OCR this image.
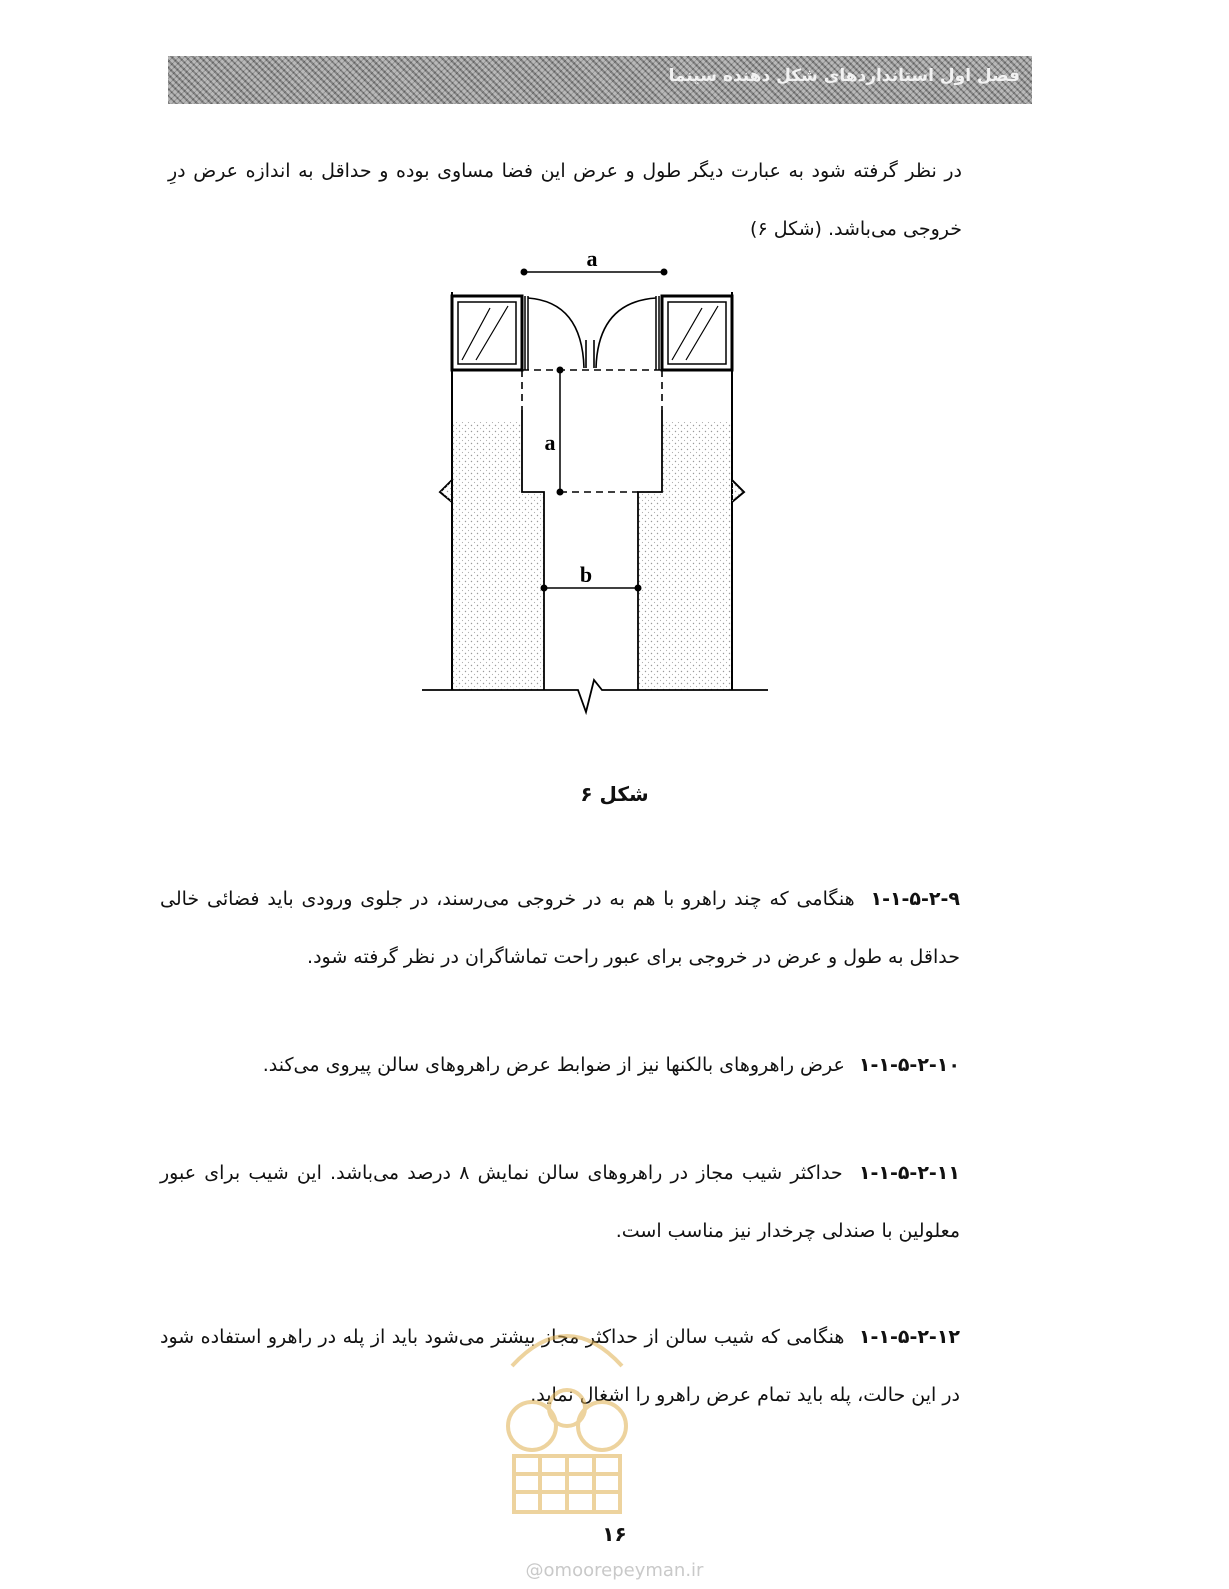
فصل اول استانداردهای شکل دهنده سینما
در نظر گرفته شود به عبارت دیگر طول و عرض این فضا مساوی بوده و حداقل به اندازه عرض درِ خروجی می‌باشد. (شکل ۶)
a
a
b
شکل ۶
۱-۱-۵-۲-۹ هنگامی که چند راهرو با هم به در خروجی می‌رسند، در جلوی ورودی باید فضائی خالی حداقل به طول و عرض در خروجی برای عبور راحت تماشاگران در نظر گرفته شود.
۱-۱-۵-۲-۱۰ عرض راهروهای بالکنها نیز از ضوابط عرض راهروهای سالن پیروی می‌کند.
۱-۱-۵-۲-۱۱ حداکثر شیب مجاز در راهروهای سالن نمایش ۸ درصد می‌باشد. این شیب برای عبور معلولین با صندلی چرخدار نیز مناسب است.
۱-۱-۵-۲-۱۲ هنگامی که شیب سالن از حداکثر مجاز بیشتر می‌شود باید از پله در راهرو استفاده شود در این حالت، پله باید تمام عرض راهرو را اشغال نماید.
۱۶
@omoorepeyman.ir
